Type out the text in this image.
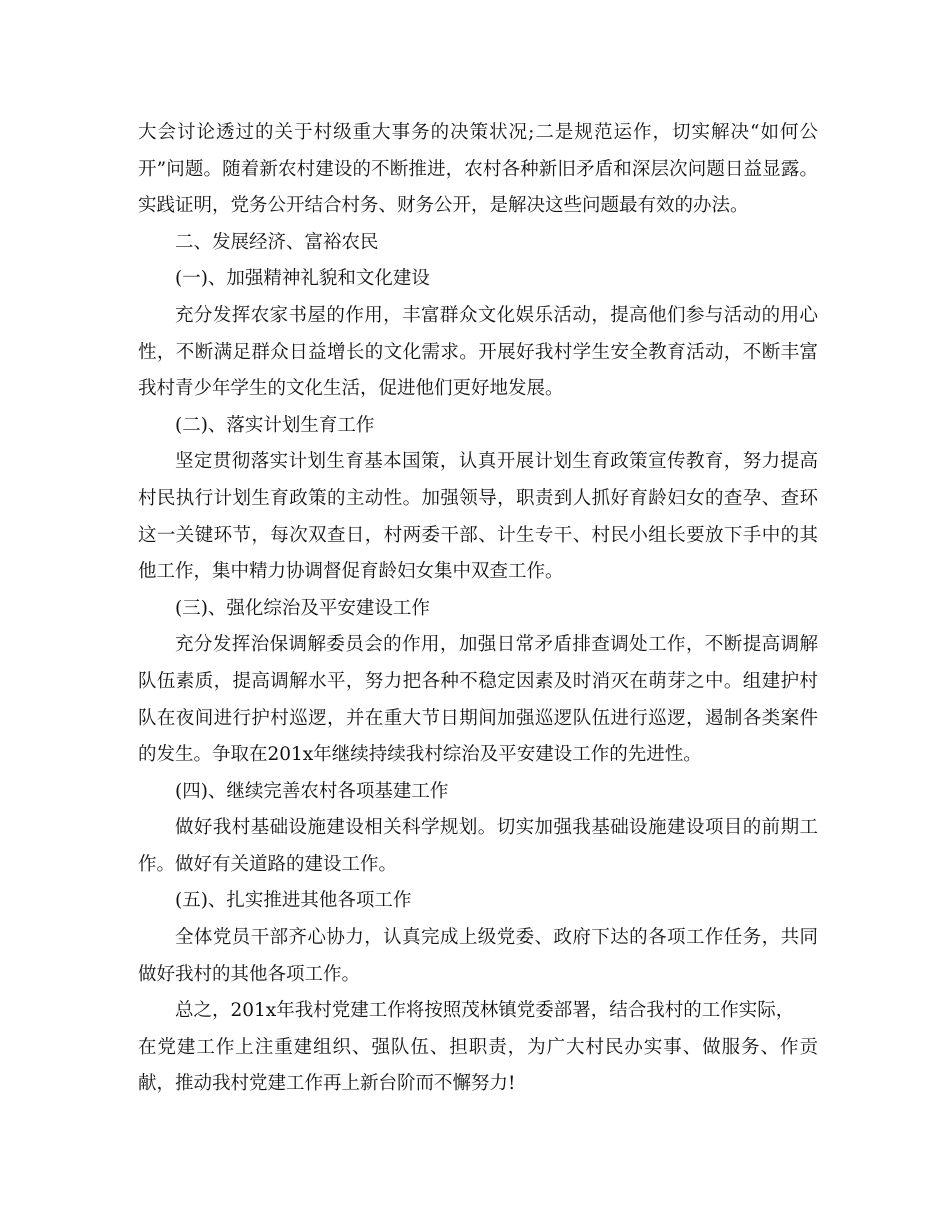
大会讨论透过的关于村级重大事务的决策状况;二是规范运作，切实解决“如何公开”问题。随着新农村建设的不断推进，农村各种新旧矛盾和深层次问题日益显露。实践证明，党务公开结合村务、财务公开，是解决这些问题最有效的办法。

二、发展经济、富裕农民

(一)、加强精神礼貌和文化建设

充分发挥农家书屋的作用，丰富群众文化娱乐活动，提高他们参与活动的用心性，不断满足群众日益增长的文化需求。开展好我村学生安全教育活动，不断丰富我村青少年学生的文化生活，促进他们更好地发展。

(二)、落实计划生育工作

坚定贯彻落实计划生育基本国策，认真开展计划生育政策宣传教育，努力提高村民执行计划生育政策的主动性。加强领导，职责到人抓好育龄妇女的查孕、查环这一关键环节，每次双查日，村两委干部、计生专干、村民小组长要放下手中的其他工作，集中精力协调督促育龄妇女集中双查工作。

(三)、强化综治及平安建设工作

充分发挥治保调解委员会的作用，加强日常矛盾排查调处工作，不断提高调解队伍素质，提高调解水平，努力把各种不稳定因素及时消灭在萌芽之中。组建护村队在夜间进行护村巡逻，并在重大节日期间加强巡逻队伍进行巡逻，遏制各类案件的发生。争取在201x年继续持续我村综治及平安建设工作的先进性。

(四)、继续完善农村各项基建工作

做好我村基础设施建设相关科学规划。切实加强我基础设施建设项目的前期工作。做好有关道路的建设工作。

(五)、扎实推进其他各项工作

全体党员干部齐心协力，认真完成上级党委、政府下达的各项工作任务，共同做好我村的其他各项工作。

总之，201x年我村党建工作将按照茂林镇党委部署，结合我村的工作实际，

在党建工作上注重建组织、强队伍、担职责，为广大村民办实事、做服务、作贡献，推动我村党建工作再上新台阶而不懈努力!
